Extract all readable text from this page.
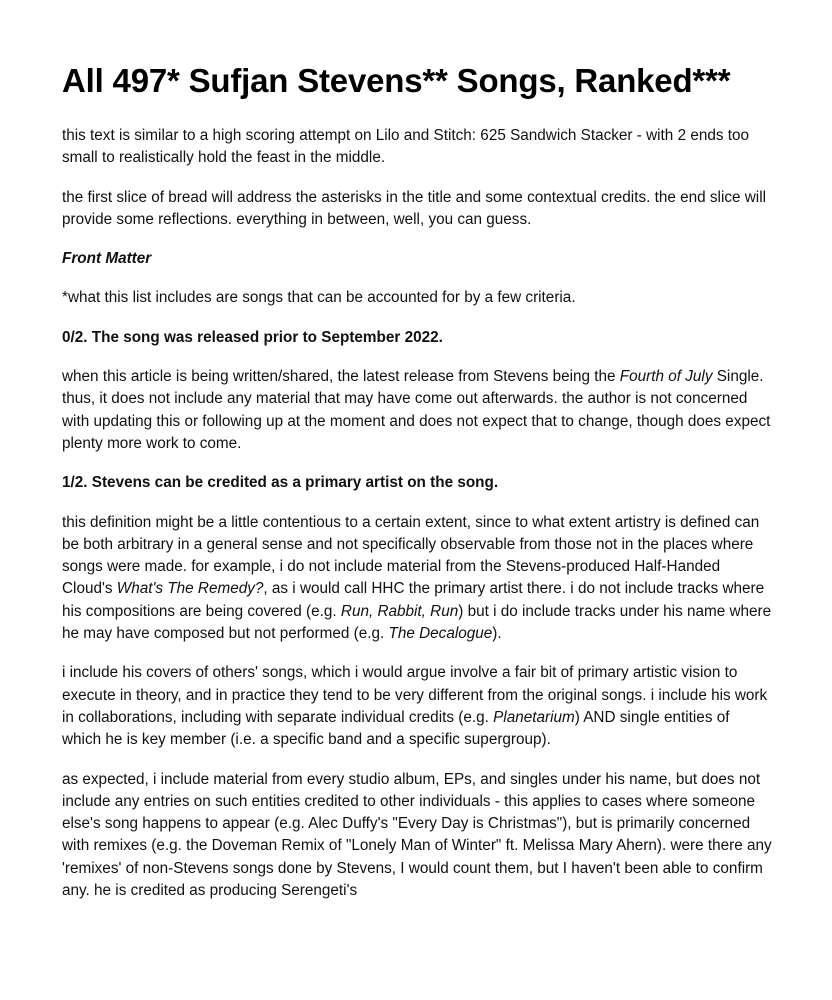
All 497* Sufjan Stevens** Songs, Ranked***

this text is similar to a high scoring attempt on Lilo and Stitch: 625 Sandwich Stacker - with 2 ends too small to realistically hold the feast in the middle.

the first slice of bread will address the asterisks in the title and some contextual credits. the end slice will provide some reflections. everything in between, well, you can guess.

Front Matter

*what this list includes are songs that can be accounted for by a few criteria.

0/2. The song was released prior to September 2022.

when this article is being written/shared, the latest release from Stevens being the Fourth of July Single. thus, it does not include any material that may have come out afterwards. the author is not concerned with updating this or following up at the moment and does not expect that to change, though does expect plenty more work to come.

1/2. Stevens can be credited as a primary artist on the song.

this definition might be a little contentious to a certain extent, since to what extent artistry is defined can be both arbitrary in a general sense and not specifically observable from those not in the places where songs were made. for example, i do not include material from the Stevens-produced Half-Handed Cloud's What's The Remedy?, as i would call HHC the primary artist there. i do not include tracks where his compositions are being covered (e.g. Run, Rabbit, Run) but i do include tracks under his name where he may have composed but not performed (e.g. The Decalogue).

i include his covers of others' songs, which i would argue involve a fair bit of primary artistic vision to execute in theory, and in practice they tend to be very different from the original songs. i include his work in collaborations, including with separate individual credits (e.g. Planetarium) AND single entities of which he is key member (i.e. a specific band and a specific supergroup).

as expected, i include material from every studio album, EPs, and singles under his name, but does not include any entries on such entities credited to other individuals - this applies to cases where someone else's song happens to appear (e.g. Alec Duffy's "Every Day is Christmas"), but is primarily concerned with remixes (e.g. the Doveman Remix of "Lonely Man of Winter" ft. Melissa Mary Ahern). were there any 'remixes' of non-Stevens songs done by Stevens, I would count them, but I haven't been able to confirm any. he is credited as producing Serengeti's
